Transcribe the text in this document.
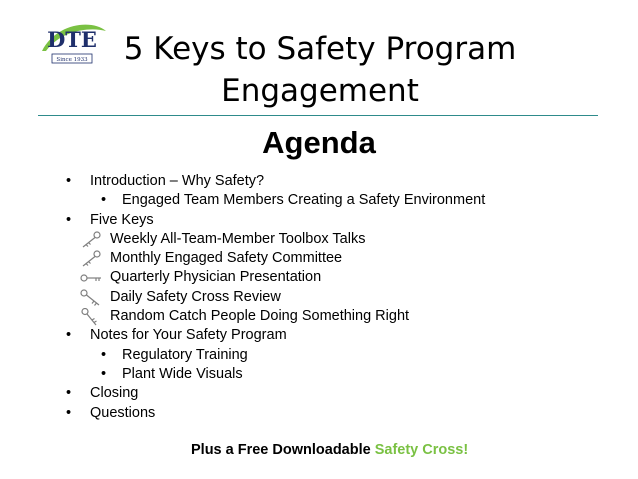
DTE
Since 1933	5 Keys to Safety Program
Engagement
Agenda
• Introduction – Why Safety?
• Engaged Team Members Creating a Safety Environment
• Five Keys
Weekly All-Team-Member Toolbox Talks
Monthly Engaged Safety Committee
Quarterly Physician Presentation
Daily Safety Cross Review
Random Catch People Doing Something Right
• Notes for Your Safety Program
• Regulatory Training
• Plant Wide Visuals
• Closing
• Questions
Plus a Free Downloadable Safety Cross!
